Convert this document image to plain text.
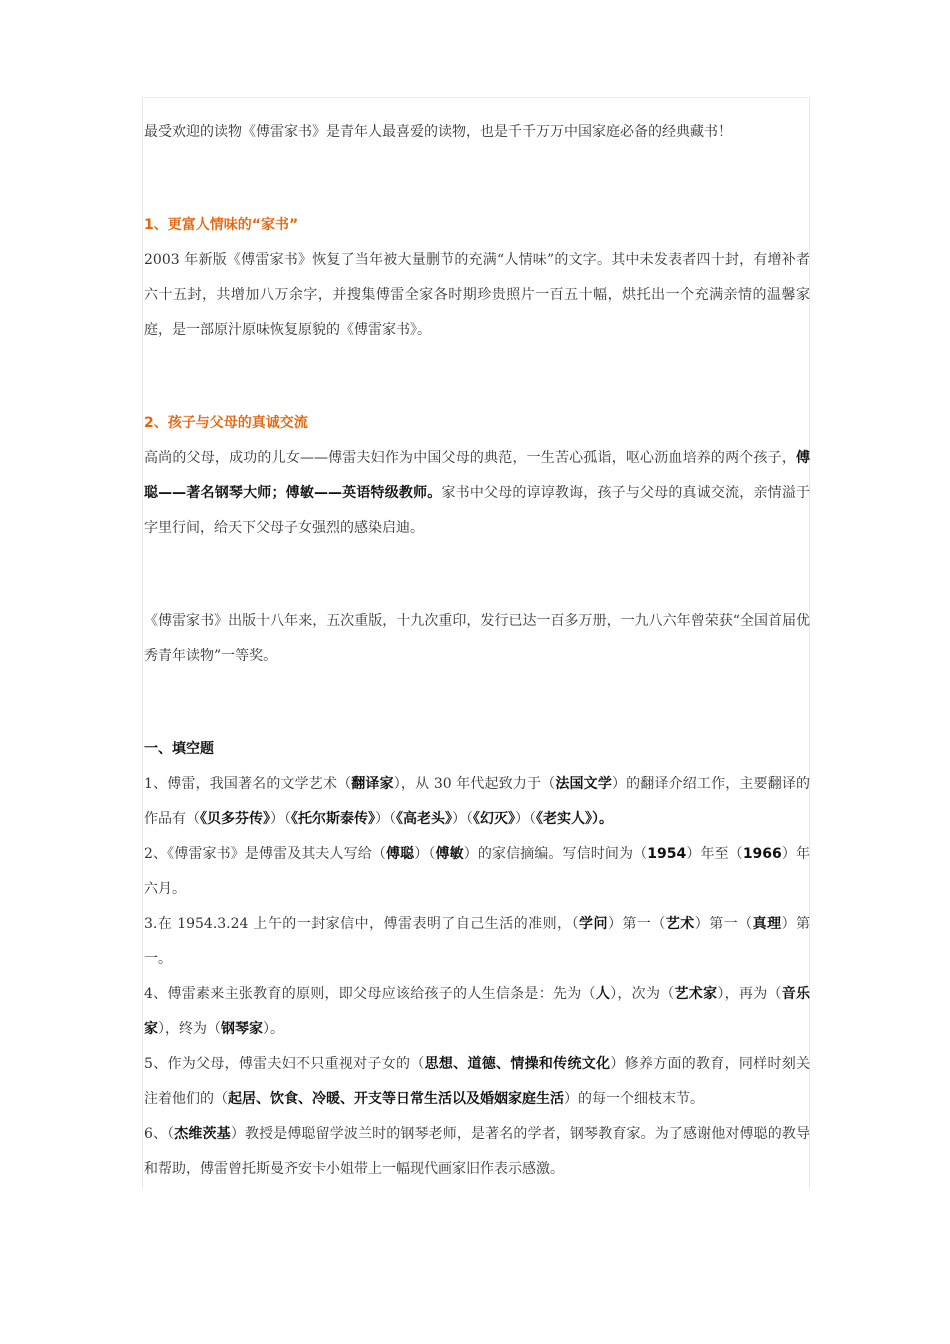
最受欢迎的读物《傅雷家书》是青年人最喜爱的读物，也是千千万万中国家庭必备的经典藏书！

1、更富人情味的“家书”

2003 年新版《傅雷家书》恢复了当年被大量删节的充满“人情味”的文字。其中未发表者四十封，有增补者六十五封，共增加八万余字，并搜集傅雷全家各时期珍贵照片一百五十幅，烘托出一个充满亲情的温馨家庭，是一部原汁原味恢复原貌的《傅雷家书》。

2、孩子与父母的真诚交流

高尚的父母，成功的儿女——傅雷夫妇作为中国父母的典范，一生苦心孤诣，呕心沥血培养的两个孩子，傅聪——著名钢琴大师；傅敏——英语特级教师。家书中父母的谆谆教诲，孩子与父母的真诚交流，亲情溢于字里行间，给天下父母子女强烈的感染启迪。

《傅雷家书》出版十八年来，五次重版，十九次重印，发行已达一百多万册，一九八六年曾荣获“全国首届优秀青年读物”一等奖。

一、填空题

1、傅雷，我国著名的文学艺术（翻译家），从 30 年代起致力于（法国文学）的翻译介绍工作，主要翻译的作品有（《贝多芬传》）（《托尔斯泰传》）（《高老头》）（《幻灭》）（《老实人》）。

2、《傅雷家书》是傅雷及其夫人写给（傅聪）（傅敏）的家信摘编。写信时间为（1954）年至（1966）年六月。

3.在 1954.3.24 上午的一封家信中，傅雷表明了自己生活的准则，（学问）第一（艺术）第一（真理）第一。

4、傅雷素来主张教育的原则，即父母应该给孩子的人生信条是：先为（人），次为（艺术家），再为（音乐家），终为（钢琴家）。

5、作为父母，傅雷夫妇不只重视对子女的（思想、道德、情操和传统文化）修养方面的教育，同样时刻关注着他们的（起居、饮食、冷暖、开支等日常生活以及婚姻家庭生活）的每一个细枝末节。

6、（杰维茨基）教授是傅聪留学波兰时的钢琴老师，是著名的学者，钢琴教育家。为了感谢他对傅聪的教导和帮助，傅雷曾托斯曼齐安卡小姐带上一幅现代画家旧作表示感激。
